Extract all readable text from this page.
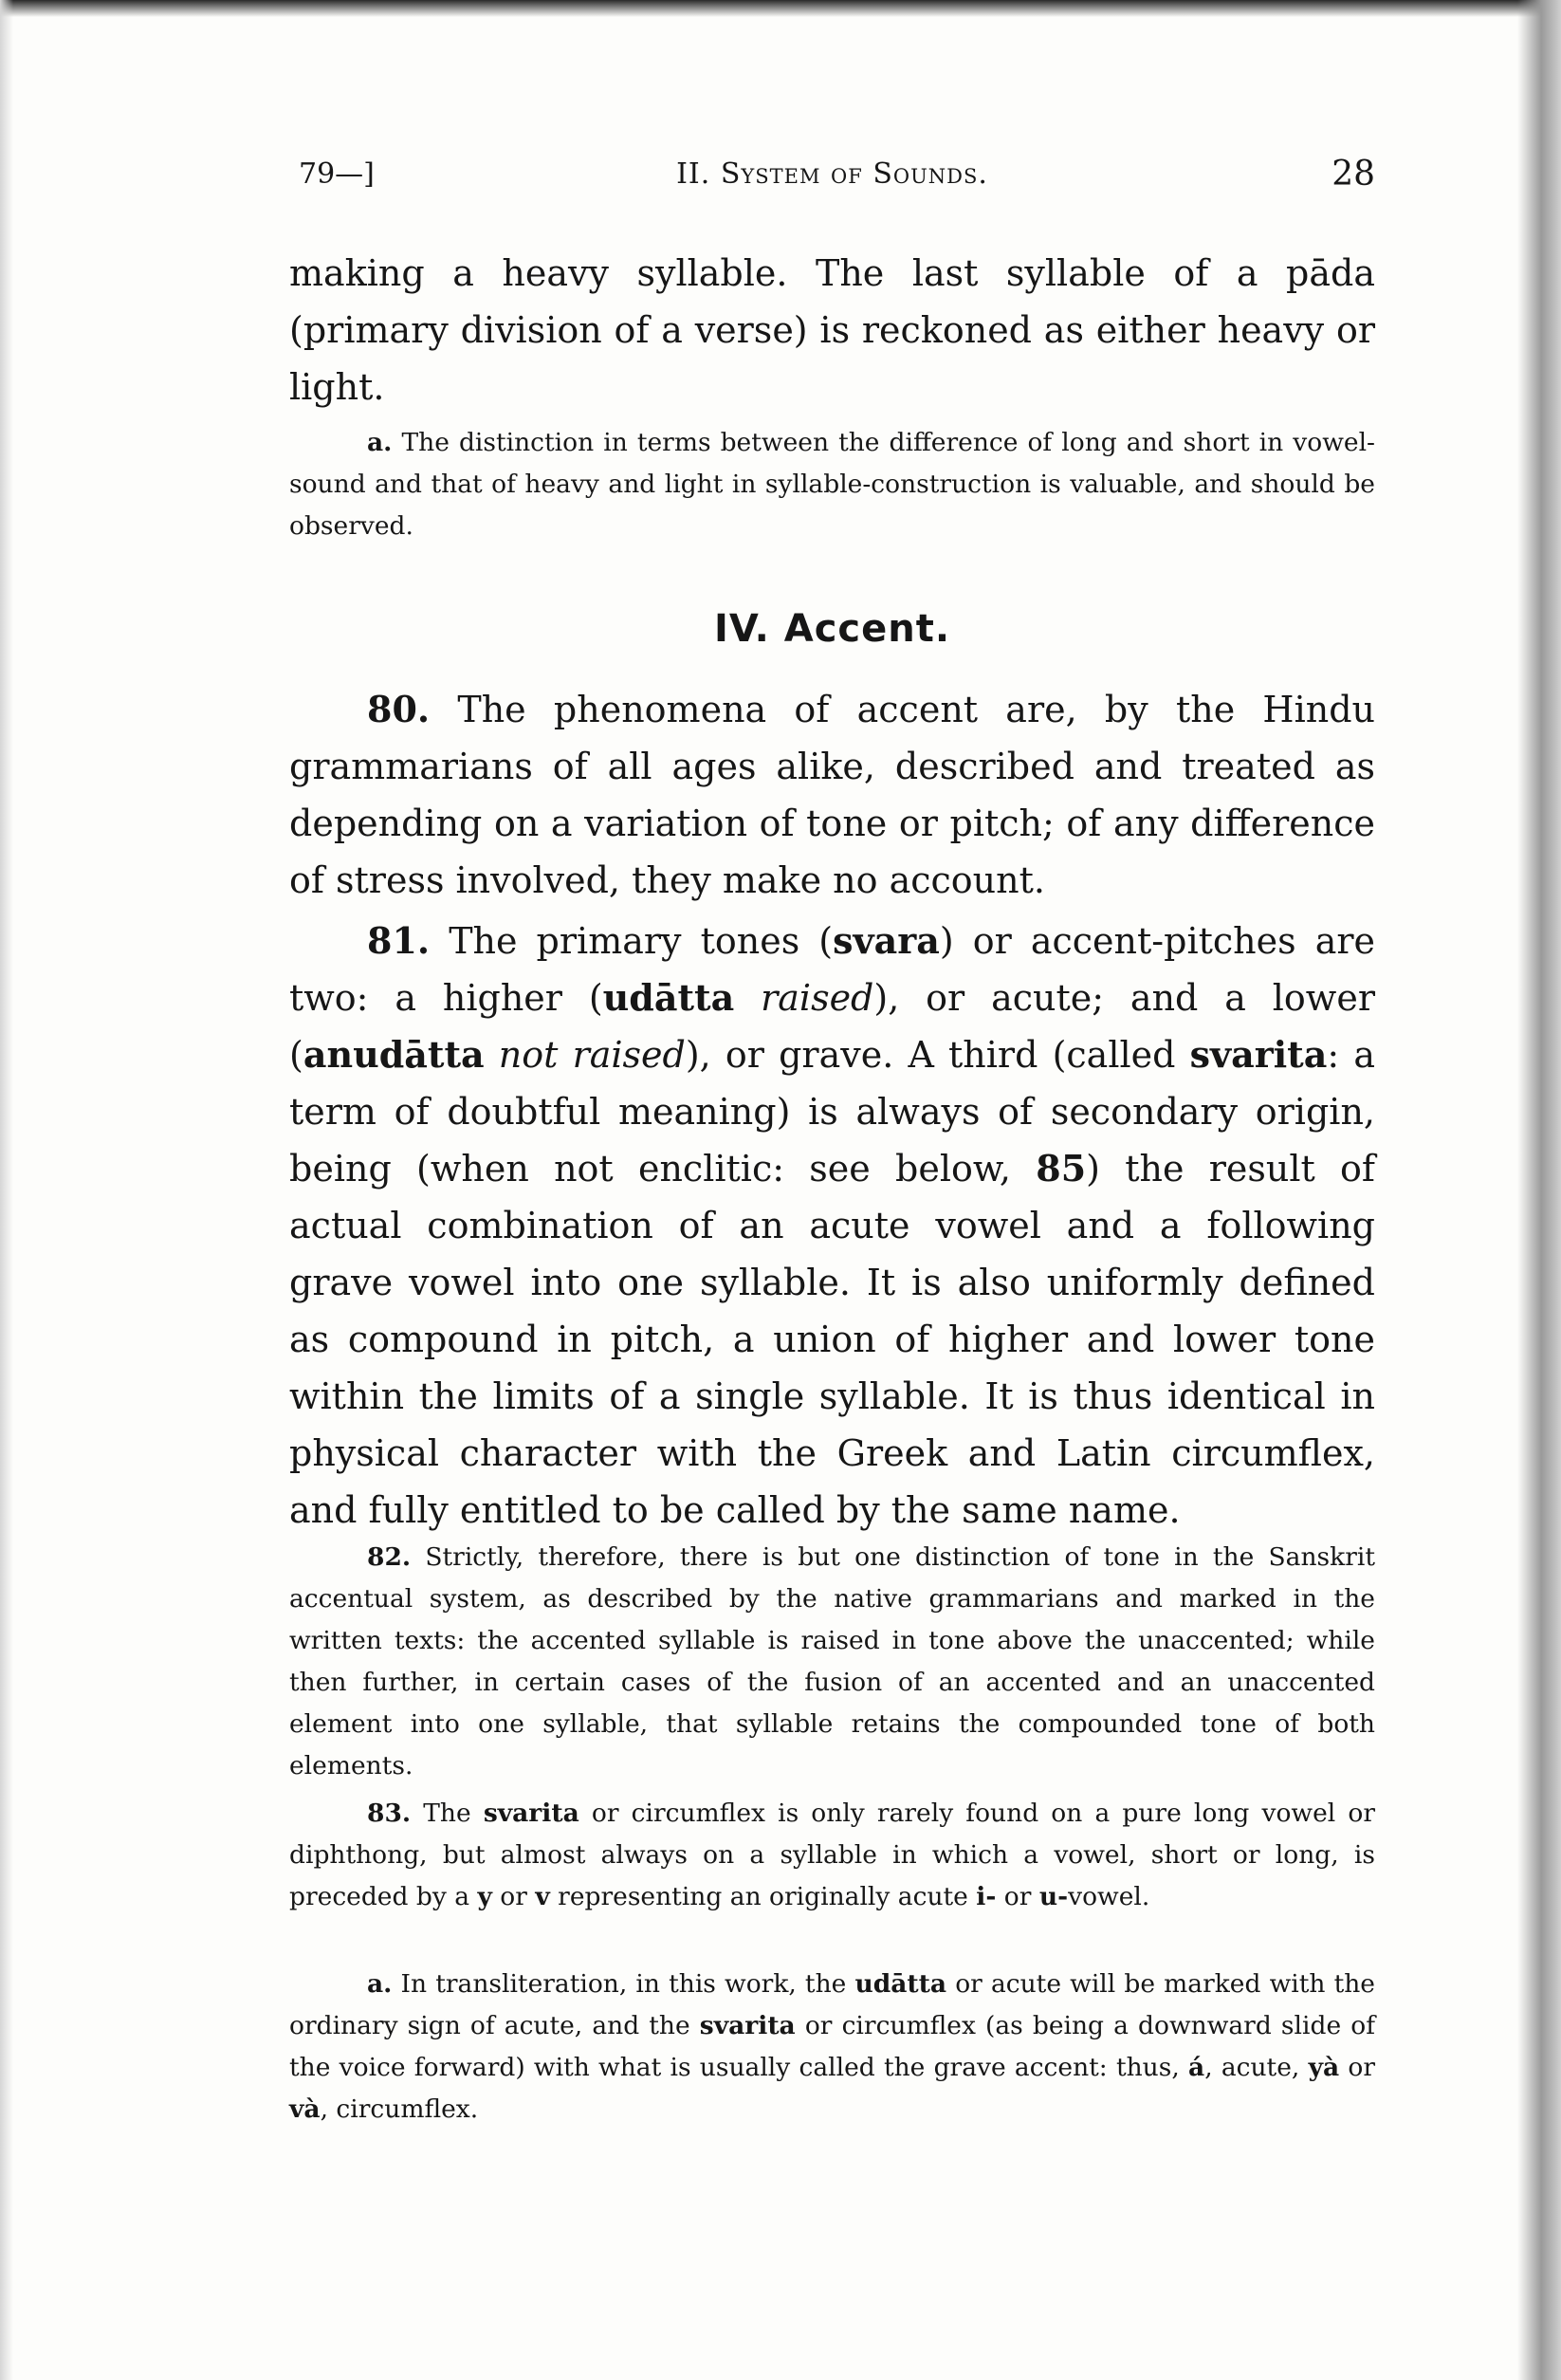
79—]	II. System of Sounds.	28

making a heavy syllable. The last syllable of a pāda (primary division of a verse) is reckoned as either heavy or light.

a. The distinction in terms between the difference of long and short in vowel-sound and that of heavy and light in syllable-construction is valuable, and should be observed.

IV. Accent.

80. The phenomena of accent are, by the Hindu grammarians of all ages alike, described and treated as depending on a variation of tone or pitch; of any difference of stress involved, they make no account.

81. The primary tones (svara) or accent-pitches are two: a higher (udātta raised), or acute; and a lower (anudātta not raised), or grave. A third (called svarita: a term of doubtful meaning) is always of secondary origin, being (when not enclitic: see below, 85) the result of actual combination of an acute vowel and a following grave vowel into one syllable. It is also uniformly defined as compound in pitch, a union of higher and lower tone within the limits of a single syllable. It is thus identical in physical character with the Greek and Latin circumflex, and fully entitled to be called by the same name.

82. Strictly, therefore, there is but one distinction of tone in the Sanskrit accentual system, as described by the native grammarians and marked in the written texts: the accented syllable is raised in tone above the unaccented; while then further, in certain cases of the fusion of an accented and an unaccented element into one syllable, that syllable retains the compounded tone of both elements.

83. The svarita or circumflex is only rarely found on a pure long vowel or diphthong, but almost always on a syllable in which a vowel, short or long, is preceded by a y or v representing an originally acute i- or u-vowel.

a. In transliteration, in this work, the udātta or acute will be marked with the ordinary sign of acute, and the svarita or circumflex (as being a downward slide of the voice forward) with what is usually called the grave accent: thus, á, acute, yà or và, circumflex.
